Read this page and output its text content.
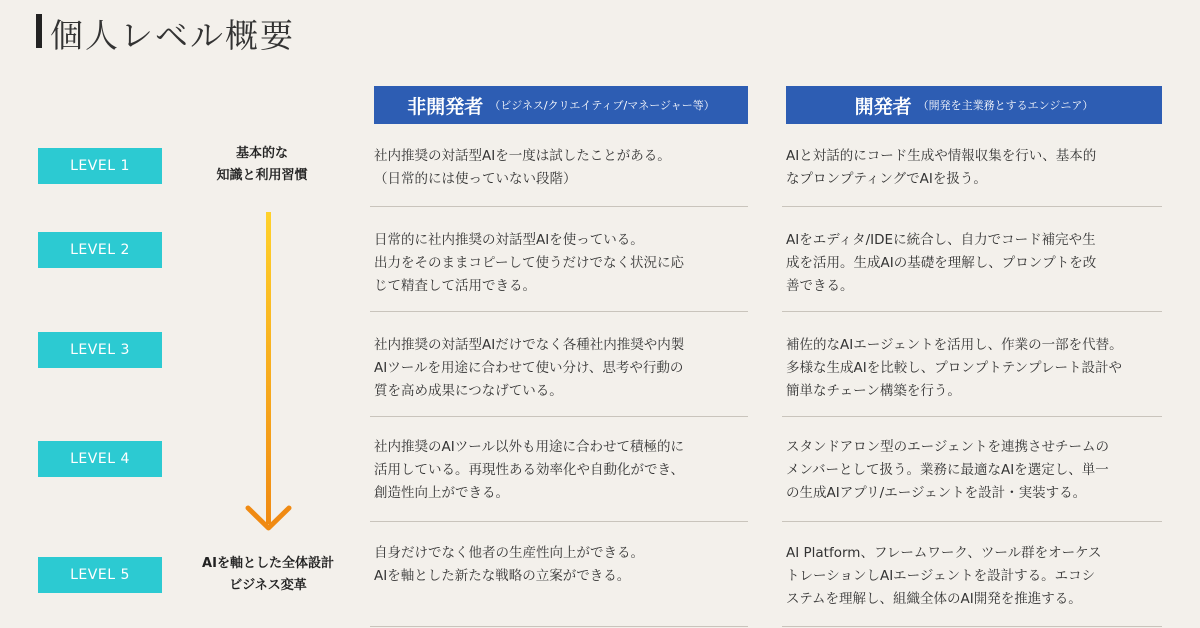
個人レベル概要
非開発者 （ビジネス/クリエイティブ/マネージャー等）	開発者 （開発を主業務とするエンジニア）
基本的な
知識と利用習慣
AIを軸とした全体設計
ビジネス変革
LEVEL 1
社内推奨の対話型AIを一度は試したことがある。
（日常的には使っていない段階）
AIと対話的にコード生成や情報収集を行い、基本的
なプロンプティングでAIを扱う。
LEVEL 2
日常的に社内推奨の対話型AIを使っている。
出力をそのままコピーして使うだけでなく状況に応
じて精査して活用できる。
AIをエディタ/IDEに統合し、自力でコード補完や生
成を活用。生成AIの基礎を理解し、プロンプトを改
善できる。
LEVEL 3	社内推奨の対話型AIだけでなく各種社内推奨や内製
AIツールを用途に合わせて使い分け、思考や行動の
質を高め成果につなげている。
補佐的なAIエージェントを活用し、作業の一部を代替。
多様な生成AIを比較し、プロンプトテンプレート設計や
簡単なチェーン構築を行う。
LEVEL 4
社内推奨のAIツール以外も用途に合わせて積極的に
活用している。再現性ある効率化や自動化ができ、
創造性向上ができる。
スタンドアロン型のエージェントを連携させチームの
メンバーとして扱う。業務に最適なAIを選定し、単一
の生成AIアプリ/エージェントを設計・実装する。
LEVEL 5
自身だけでなく他者の生産性向上ができる。
AIを軸とした新たな戦略の立案ができる。
AI Platform、フレームワーク、ツール群をオーケス
トレーションしAIエージェントを設計する。エコシ
ステムを理解し、組織全体のAI開発を推進する。
